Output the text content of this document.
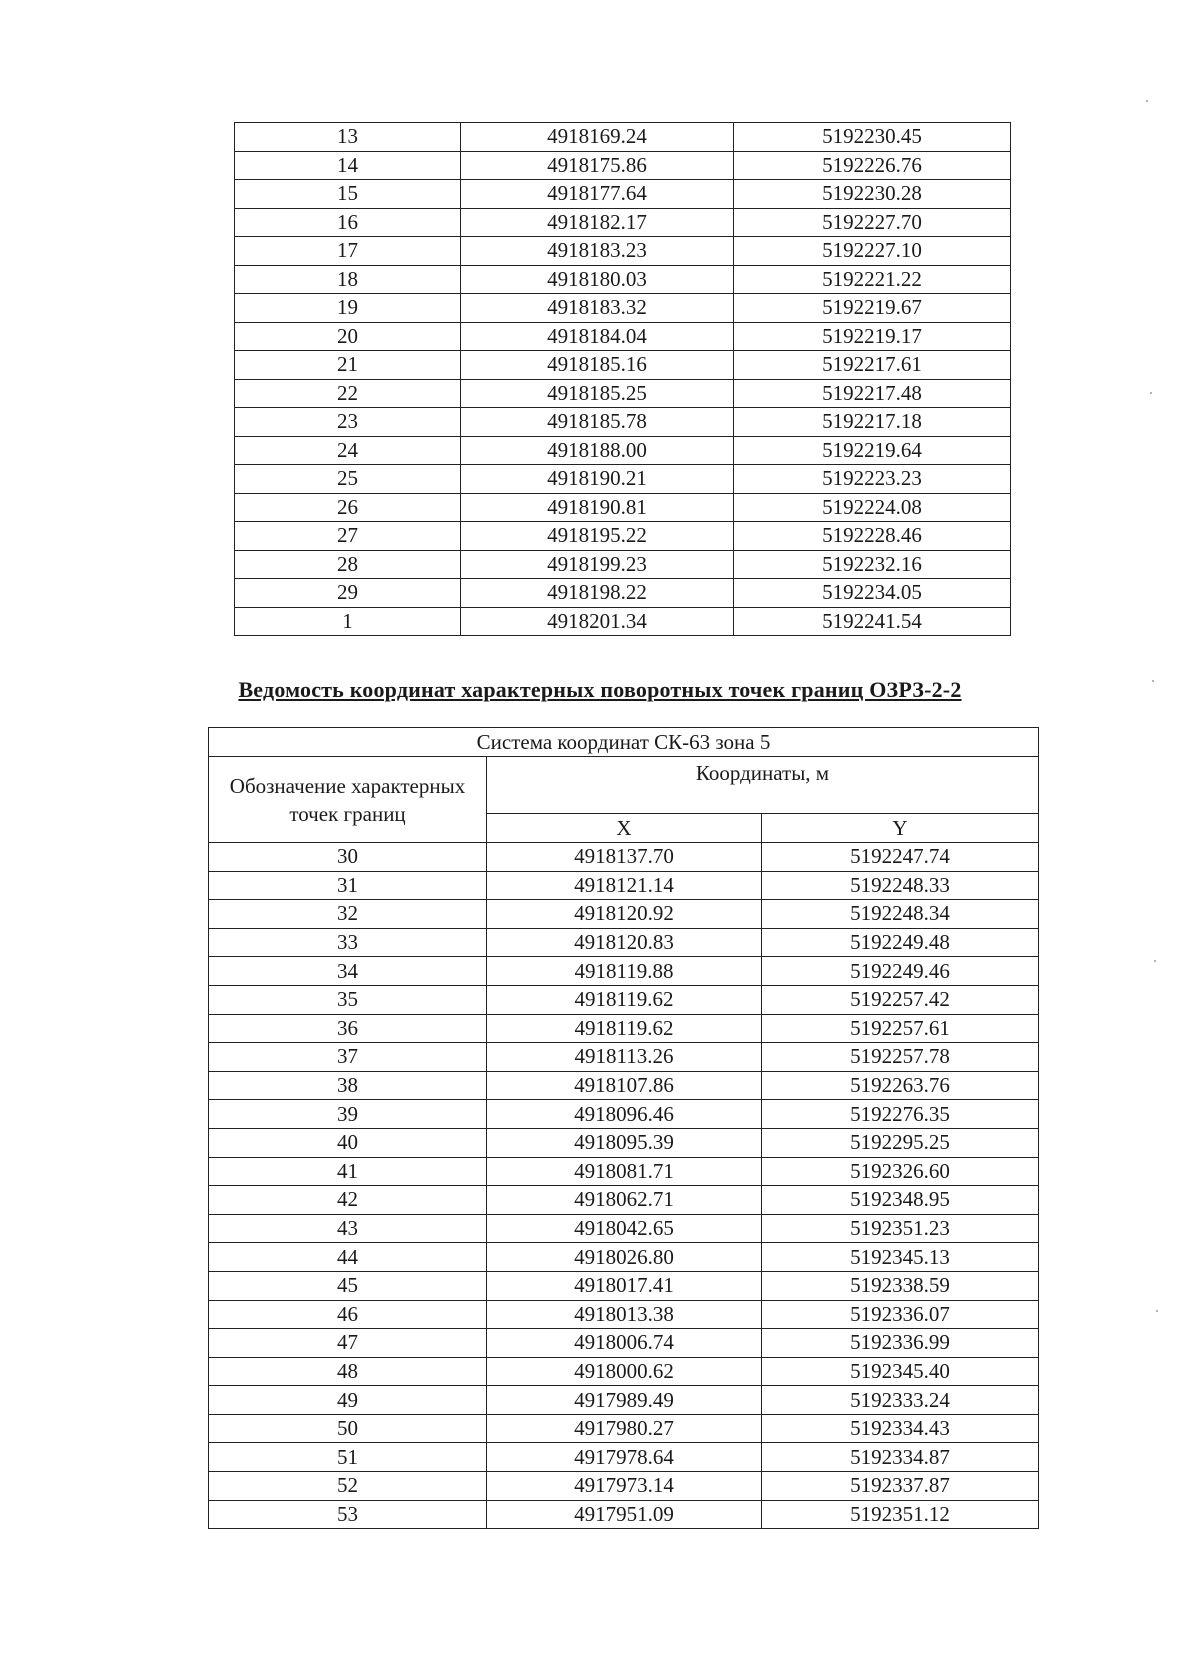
13	4918169.24	5192230.45
14	4918175.86	5192226.76
15	4918177.64	5192230.28
16	4918182.17	5192227.70
17	4918183.23	5192227.10
18	4918180.03	5192221.22
19	4918183.32	5192219.67
20	4918184.04	5192219.17
21	4918185.16	5192217.61
22	4918185.25	5192217.48
23	4918185.78	5192217.18
24	4918188.00	5192219.64
25	4918190.21	5192223.23
26	4918190.81	5192224.08
27	4918195.22	5192228.46
28	4918199.23	5192232.16
29	4918198.22	5192234.05
1	4918201.34	5192241.54
Ведомость координат характерных поворотных точек границ ОЗРЗ-2-2
Система координат СК-63 зона 5		
Обозначение характерных точек границ	Координаты, м	
	X	Y
30	4918137.70	5192247.74
31	4918121.14	5192248.33
32	4918120.92	5192248.34
33	4918120.83	5192249.48
34	4918119.88	5192249.46
35	4918119.62	5192257.42
36	4918119.62	5192257.61
37	4918113.26	5192257.78
38	4918107.86	5192263.76
39	4918096.46	5192276.35
40	4918095.39	5192295.25
41	4918081.71	5192326.60
42	4918062.71	5192348.95
43	4918042.65	5192351.23
44	4918026.80	5192345.13
45	4918017.41	5192338.59
46	4918013.38	5192336.07
47	4918006.74	5192336.99
48	4918000.62	5192345.40
49	4917989.49	5192333.24
50	4917980.27	5192334.43
51	4917978.64	5192334.87
52	4917973.14	5192337.87
53	4917951.09	5192351.12
